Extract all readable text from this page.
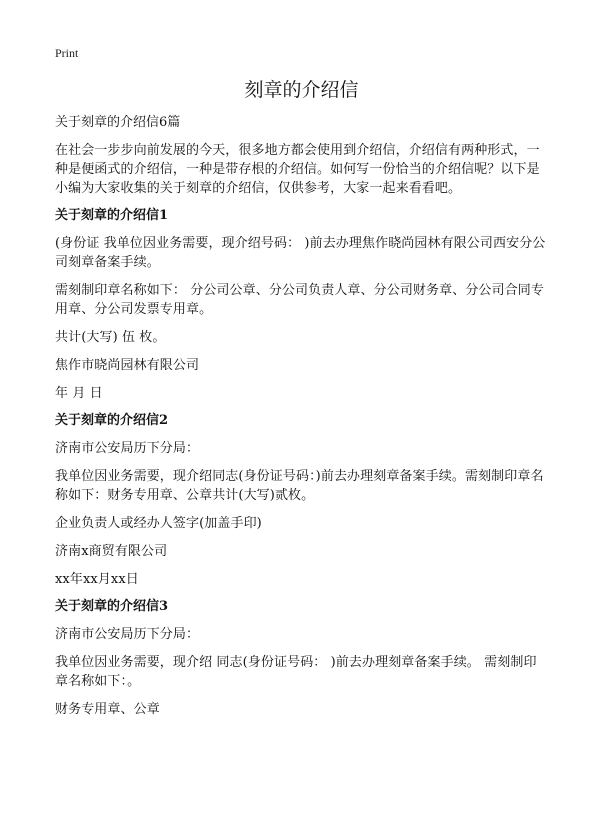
Print
刻章的介绍信
关于刻章的介绍信6篇

在社会一步步向前发展的今天，很多地方都会使用到介绍信，介绍信有两种形式，一种是便函式的介绍信，一种是带存根的介绍信。如何写一份恰当的介绍信呢？以下是小编为大家收集的关于刻章的介绍信，仅供参考，大家一起来看看吧。

关于刻章的介绍信1

(身份证 我单位因业务需要，现介绍号码： )前去办理焦作晓尚园林有限公司西安分公司刻章备案手续。

需刻制印章名称如下： 分公司公章、分公司负责人章、分公司财务章、分公司合同专用章、分公司发票专用章。

共计(大写) 伍 枚。

焦作市晓尚园林有限公司

年 月 日

关于刻章的介绍信2

济南市公安局历下分局：

我单位因业务需要，现介绍同志(身份证号码：)前去办理刻章备案手续。需刻制印章名称如下：财务专用章、公章共计(大写)贰枚。

企业负责人或经办人签字(加盖手印)

济南x商贸有限公司

xx年xx月xx日

关于刻章的介绍信3

济南市公安局历下分局：

我单位因业务需要，现介绍 同志(身份证号码： )前去办理刻章备案手续。 需刻制印章名称如下：。

财务专用章、公章
